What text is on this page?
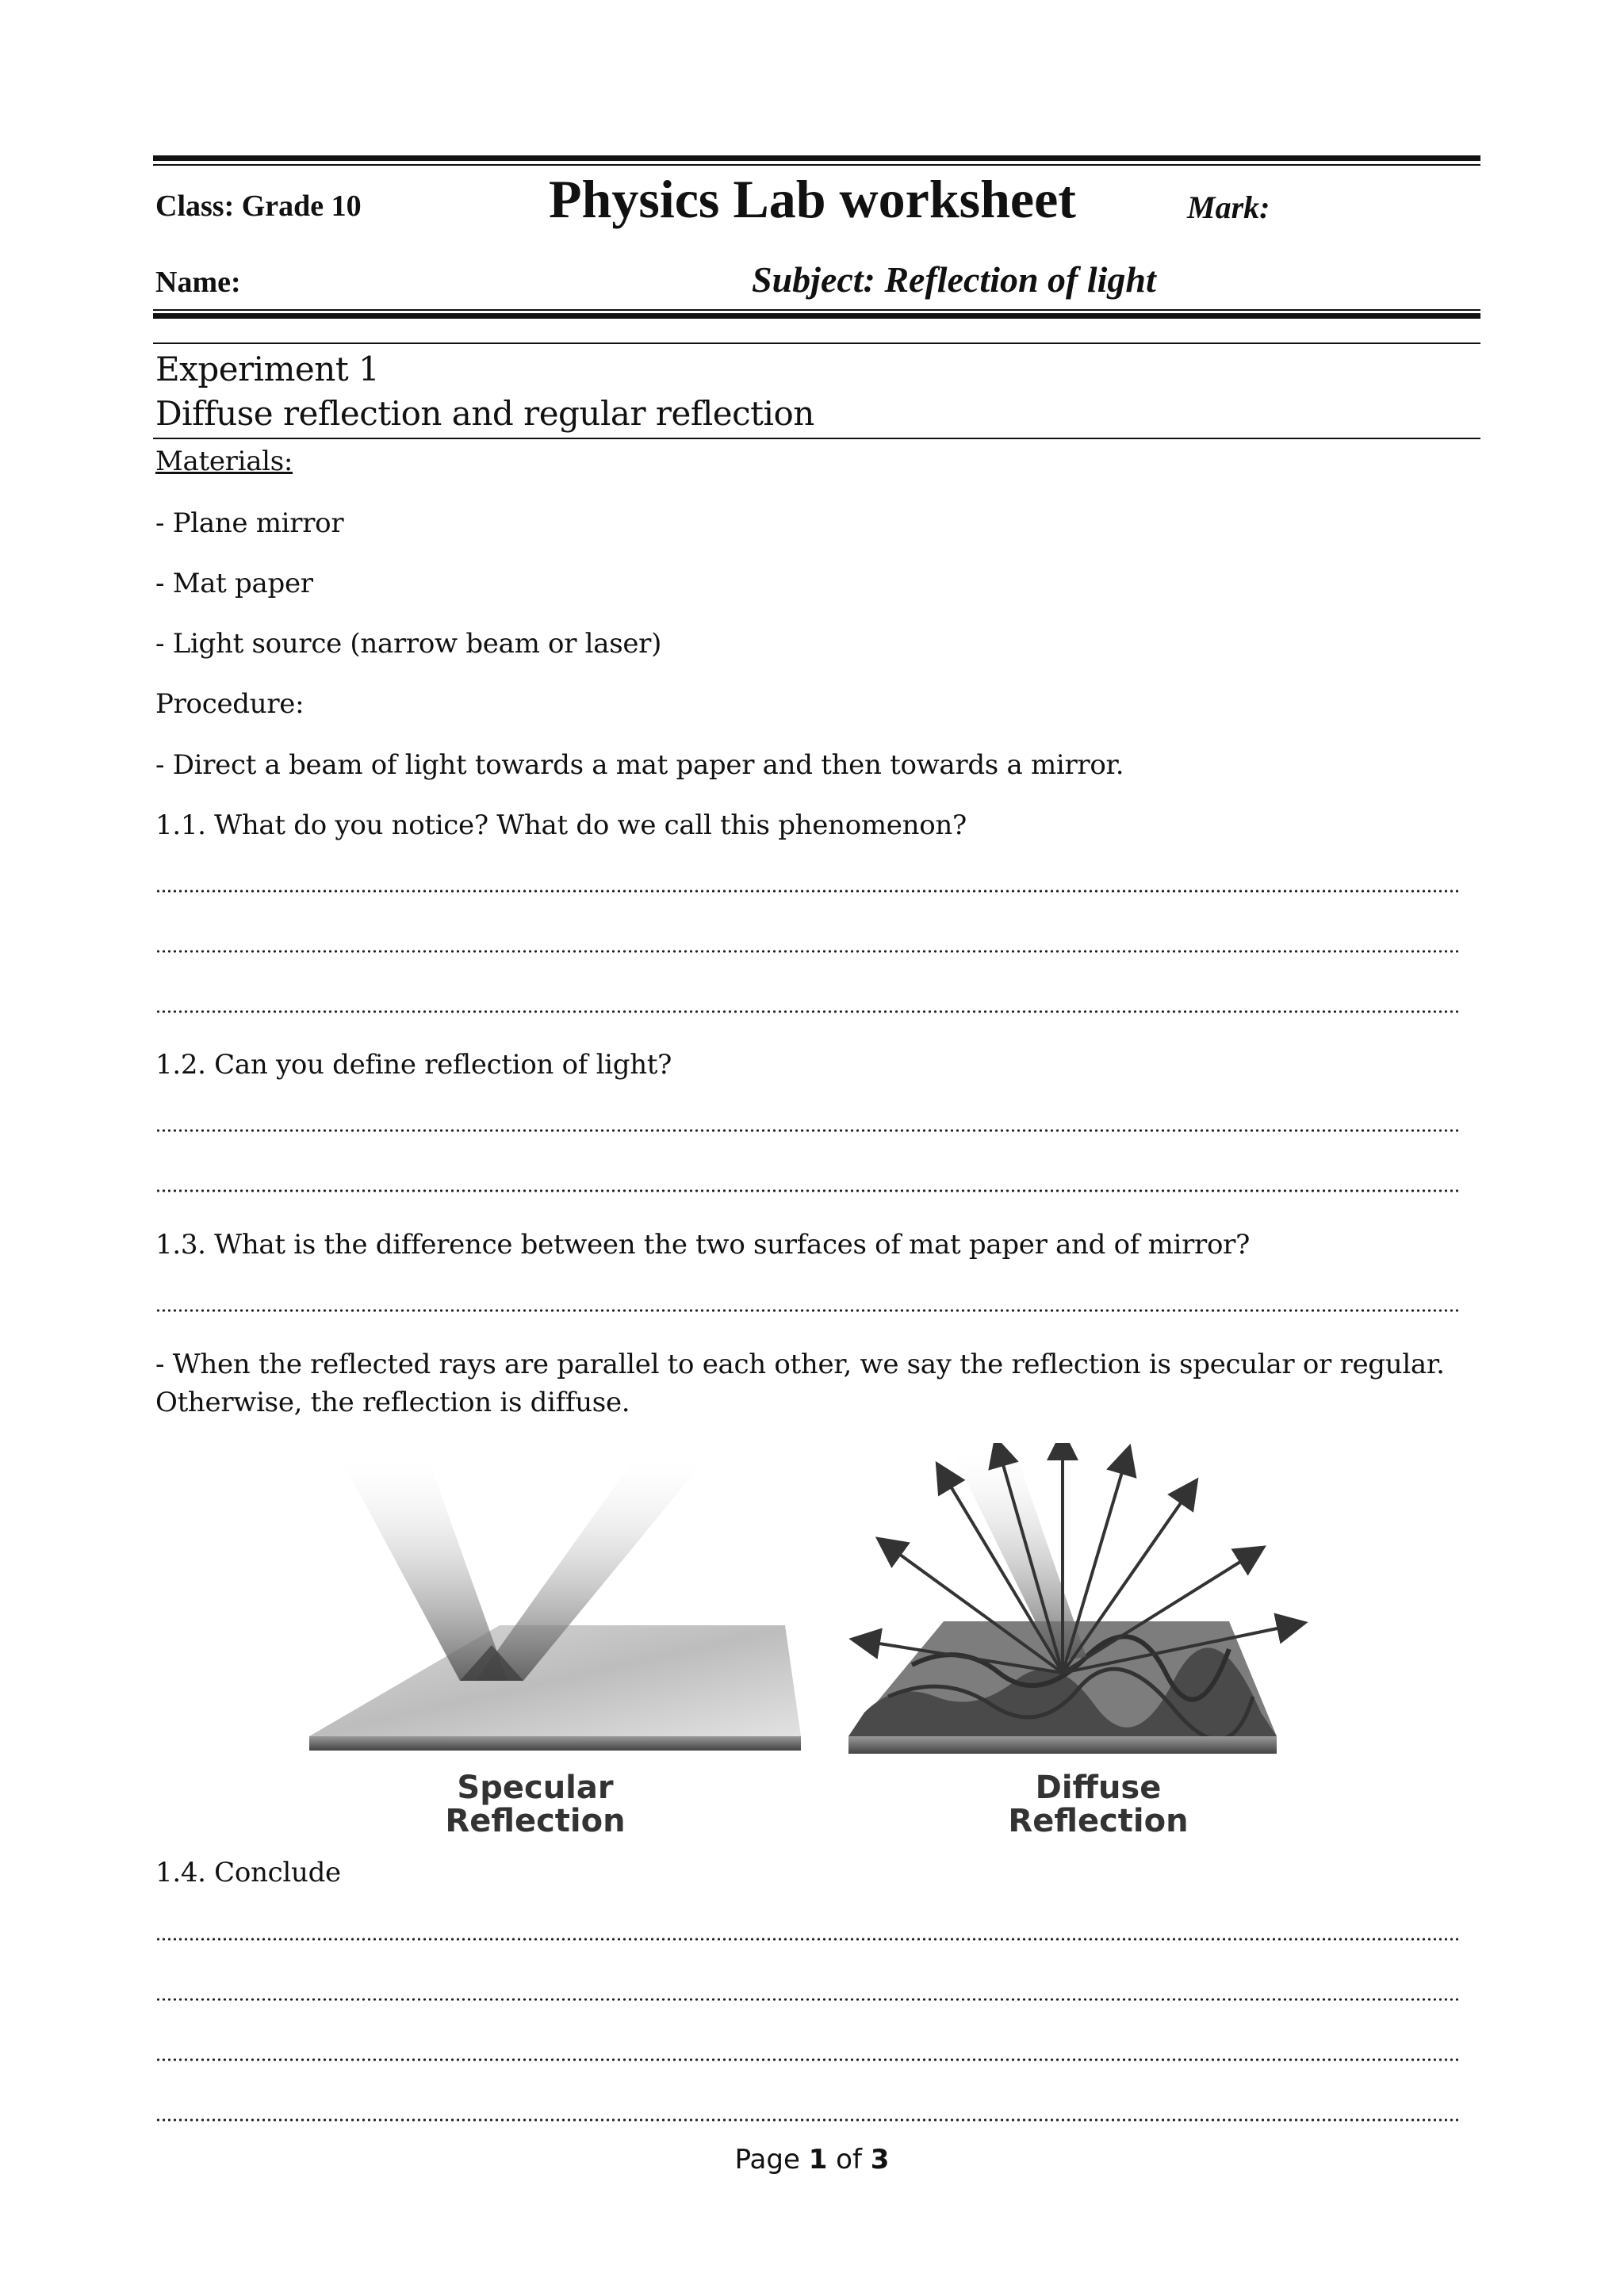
Class: Grade 10	Physics Lab worksheet	Mark:
Name:	Subject: Reflection of light
Experiment 1
Diffuse reflection and regular reflection
Materials:
- Plane mirror
- Mat paper
- Light source (narrow beam or laser)
Procedure:
- Direct a beam of light towards a mat paper and then towards a mirror.
1.1. What do you notice? What do we call this phenomenon?
1.2. Can you define reflection of light?
1.3. What is the difference between the two surfaces of mat paper and of mirror?
- When the reflected rays are parallel to each other, we say the reflection is specular or regular.
Otherwise, the reflection is diffuse.
Specular
Reflection
Diffuse
Reflection
1.4. Conclude
Page 1 of 3
